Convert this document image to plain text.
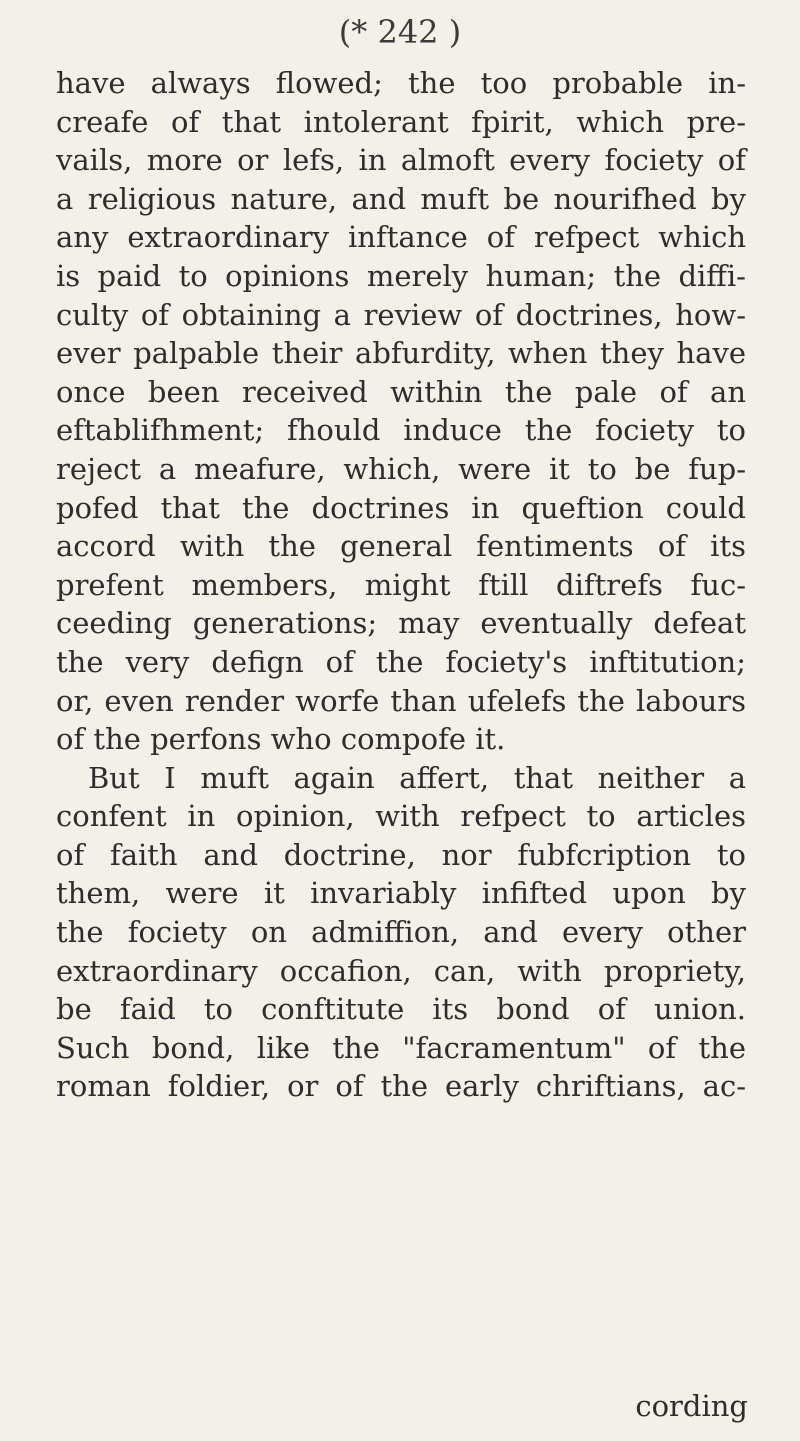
(* 242 )
have always flowed; the too probable in-
creafe of that intolerant fpirit, which pre-
vails, more or lefs, in almoft every fociety of
a religious nature, and muft be nourifhed by
any extraordinary inftance of refpect which
is paid to opinions merely human; the diffi-
culty of obtaining a review of doctrines, how-
ever palpable their abfurdity, when they have
once been received within the pale of an
eftablifhment; fhould induce the fociety to
reject a meafure, which, were it to be fup-
pofed that the doctrines in queftion could
accord with the general fentiments of its
prefent members, might ftill diftrefs fuc-
ceeding generations; may eventually defeat
the very defign of the fociety's inftitution;
or, even render worfe than ufelefs the labours
of the perfons who compofe it.
But I muft again affert, that neither a
confent in opinion, with refpect to articles
of faith and doctrine, nor fubfcription to
them, were it invariably infifted upon by
the fociety on admiffion, and every other
extraordinary occafion, can, with propriety,
be faid to conftitute its bond of union.
Such bond, like the "facramentum" of the
roman foldier, or of the early chriftians, ac-
cording
